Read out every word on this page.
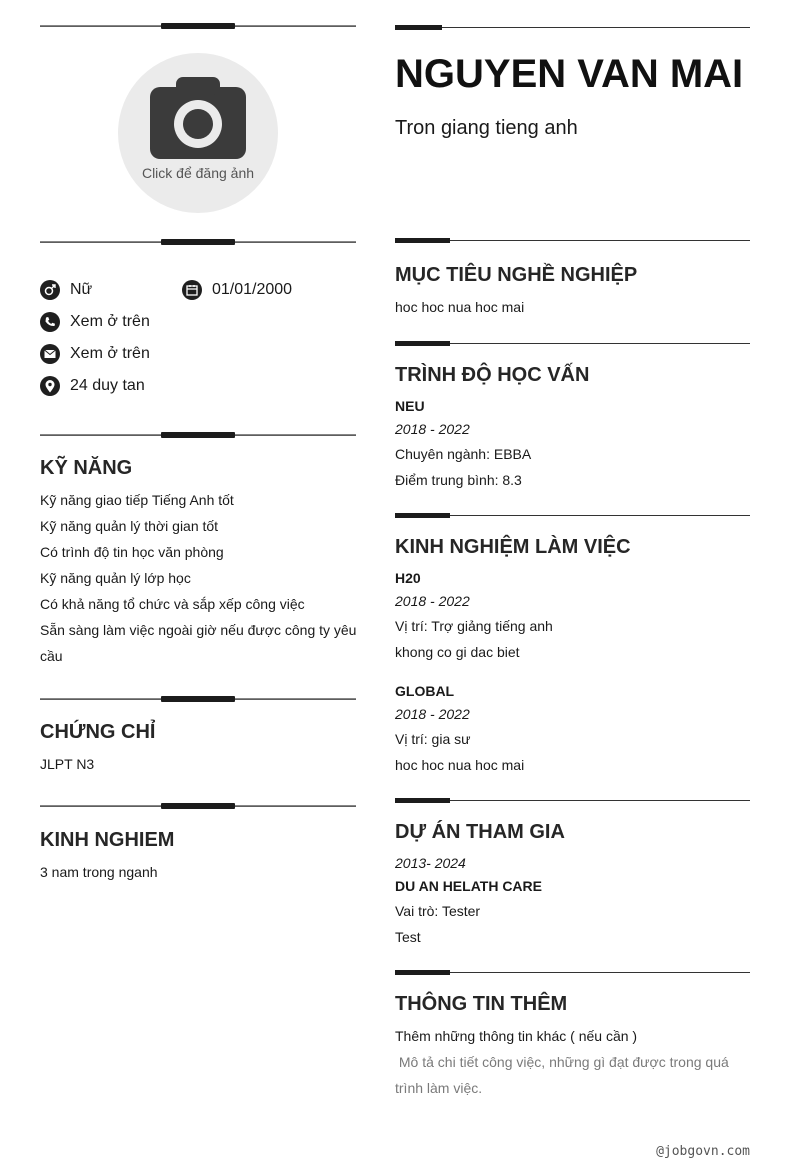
Click để đăng ảnh
Nữ	01/01/2000
Xem ở trên
Xem ở trên
24 duy tan
KỸ NĂNG
Kỹ năng giao tiếp Tiếng Anh tốt
Kỹ năng quản lý thời gian tốt
Có trình độ tin học văn phòng
Kỹ năng quản lý lớp học
Có khả năng tổ chức và sắp xếp công việc
Sẵn sàng làm việc ngoài giờ nếu được công ty yêu
cầu
CHỨNG CHỈ
JLPT N3
KINH NGHIEM
3 nam trong nganh
NGUYEN VAN MAI
Tron giang tieng anh
MỤC TIÊU NGHỀ NGHIỆP
hoc hoc nua hoc mai
TRÌNH ĐỘ HỌC VẤN
NEU
2018 - 2022
Chuyên ngành: EBBA
Điểm trung bình: 8.3
KINH NGHIỆM LÀM VIỆC
H20
2018 - 2022
Vị trí: Trợ giảng tiếng anh
khong co gi dac biet
GLOBAL
2018 - 2022
Vị trí: gia sư
hoc hoc nua hoc mai
DỰ ÁN THAM GIA
2013- 2024
DU AN HELATH CARE
Vai trò: Tester
Test
THÔNG TIN THÊM
Thêm những thông tin khác ( nếu cần )
Mô tả chi tiết công việc, những gì đạt được trong quá
trình làm việc.
@jobgovn.com
